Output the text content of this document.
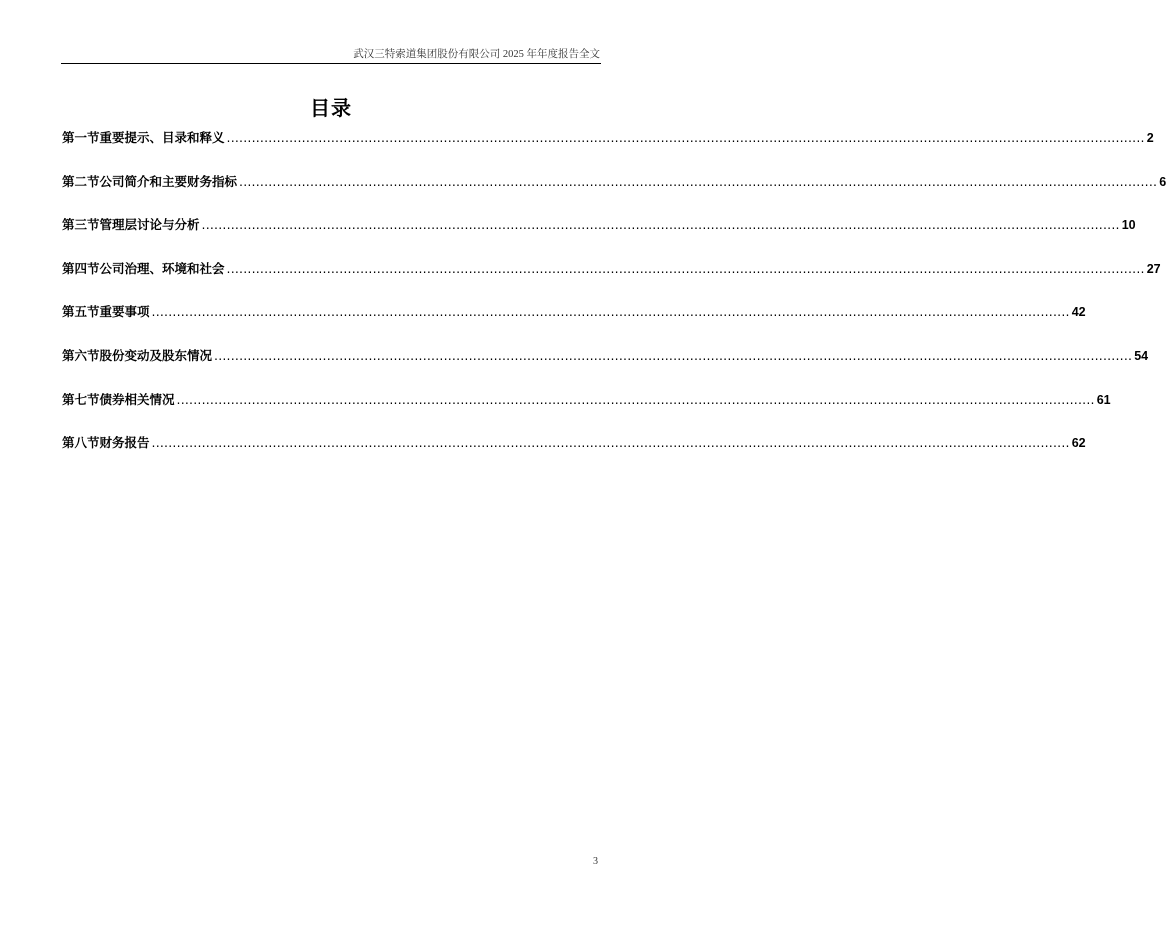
武汉三特索道集团股份有限公司 2025 年年度报告全文
目录
第一节 重要提示、目录和释义 ............................................................................................................................................................................................................................ 2
第二节 公司简介和主要财务指标 ............................................................................................................................................................................................................................ 6
第三节 管理层讨论与分析 ............................................................................................................................................................................................................................ 10
第四节 公司治理、环境和社会 ............................................................................................................................................................................................................................ 27
第五节 重要事项 ............................................................................................................................................................................................................................ 42
第六节 股份变动及股东情况 ............................................................................................................................................................................................................................ 54
第七节 债券相关情况 ............................................................................................................................................................................................................................ 61
第八节 财务报告 ............................................................................................................................................................................................................................ 62
3
